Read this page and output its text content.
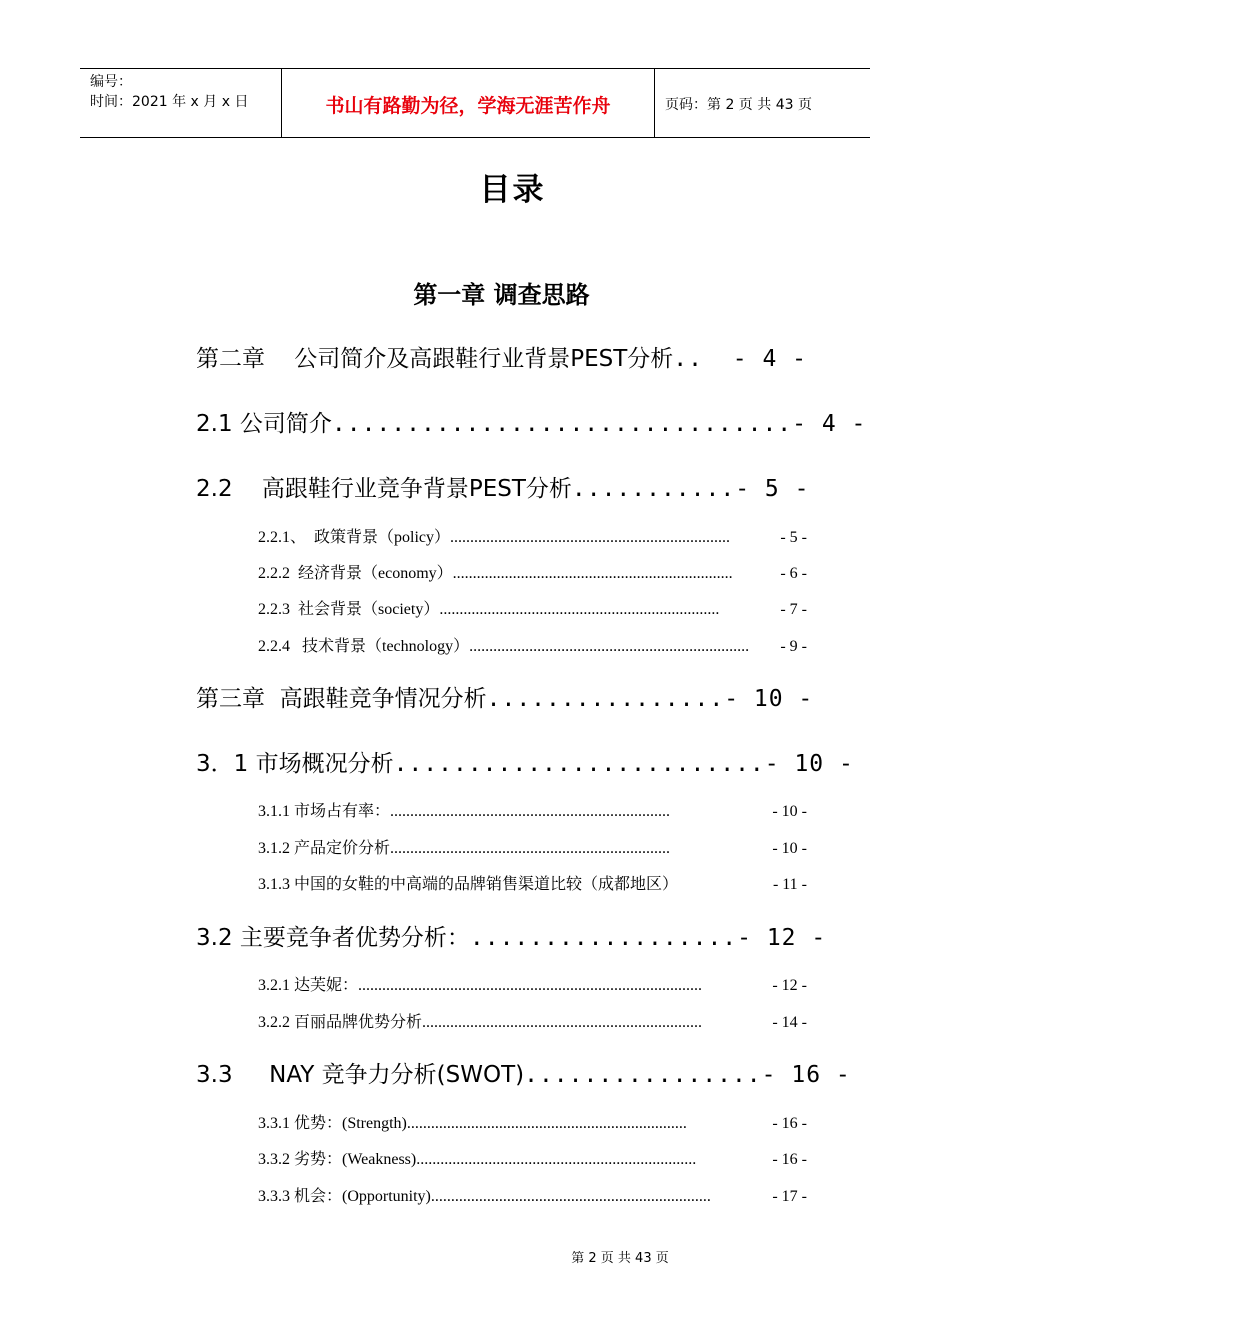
编号：
时间：2021 年 x 月 x 日	书山有路勤为径，学海无涯苦作舟	页码：第 2 页 共 43 页
目录
第一章 调查思路
第二章    公司简介及高跟鞋行业背景PEST分析 ..	- 4 -
2.1 公司简介 ............................... - 4 -
2.2    高跟鞋行业竞争背景PEST分析 ........... - 5 -
2.2.1、  政策背景（policy） ......................................................................	- 5 -
2.2.2  经济背景（economy） ......................................................................	- 6 -
2.2.3  社会背景（society） ......................................................................	- 7 -
2.2.4   技术背景（technology） ......................................................................	- 9 -
第三章  高跟鞋竞争情况分析 ................ - 10 -
3．1 市场概况分析 ......................... - 10 -
3.1.1 市场占有率： ......................................................................	- 10 -
3.1.2 产品定价分析 ......................................................................	- 10 -
3.1.3 中国的女鞋的中高端的品牌销售渠道比较（成都地区）	- 11 -
3.2 主要竞争者优势分析： .................. - 12 -
3.2.1 达芙妮： ......................................................................................	- 12 -
3.2.2 百丽品牌优势分析 ......................................................................	- 14 -
3.3     NAY 竞争力分析(SWOT) ................ - 16 -
3.3.1 优势：(Strength) ......................................................................	- 16 -
3.3.2 劣势：(Weakness) ......................................................................	- 16 -
3.3.3 机会：(Opportunity) ......................................................................	- 17 -
第 2 页 共 43 页
